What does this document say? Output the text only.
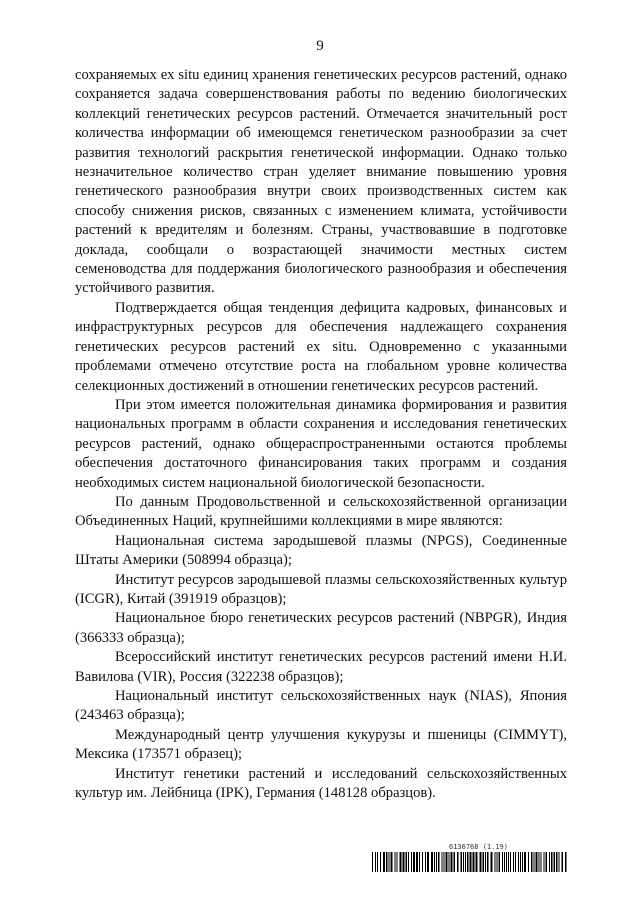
9

сохраняемых ex situ единиц хранения генетических ресурсов растений, однако сохраняется задача совершенствования работы по ведению биологических коллекций генетических ресурсов растений. Отмечается значительный рост количества информации об имеющемся генетическом разнообразии за счет развития технологий раскрытия генетической информации. Однако только незначительное количество стран уделяет внимание повышению уровня генетического разнообразия внутри своих производственных систем как способу снижения рисков, связанных с изменением климата, устойчивости растений к вредителям и болезням. Страны, участвовавшие в подготовке доклада, сообщали о возрастающей значимости местных систем семеноводства для поддержания биологического разнообразия и обеспечения устойчивого развития.

Подтверждается общая тенденция дефицита кадровых, финансовых и инфраструктурных ресурсов для обеспечения надлежащего сохранения генетических ресурсов растений ex situ. Одновременно с указанными проблемами отмечено отсутствие роста на глобальном уровне количества селекционных достижений в отношении генетических ресурсов растений.

При этом имеется положительная динамика формирования и развития национальных программ в области сохранения и исследования генетических ресурсов растений, однако общераспространенными остаются проблемы обеспечения достаточного финансирования таких программ и создания необходимых систем национальной биологической безопасности.

По данным Продовольственной и сельскохозяйственной организации Объединенных Наций, крупнейшими коллекциями в мире являются:

Национальная система зародышевой плазмы (NPGS), Соединенные Штаты Америки (508994 образца);

Институт ресурсов зародышевой плазмы сельскохозяйственных культур (ICGR), Китай (391919 образцов);

Национальное бюро генетических ресурсов растений (NBPGR), Индия (366333 образца);

Всероссийский институт генетических ресурсов растений имени Н.И. Вавилова (VIR), Россия (322238 образцов);

Национальный институт сельскохозяйственных наук (NIAS), Япония (243463 образца);

Международный центр улучшения кукурузы и пшеницы (CIMMYT), Мексика (173571 образец);

Институт генетики растений и исследований сельскохозяйственных культур им. Лейбница (IPK), Германия (148128 образцов).

6136768 (1.19)
